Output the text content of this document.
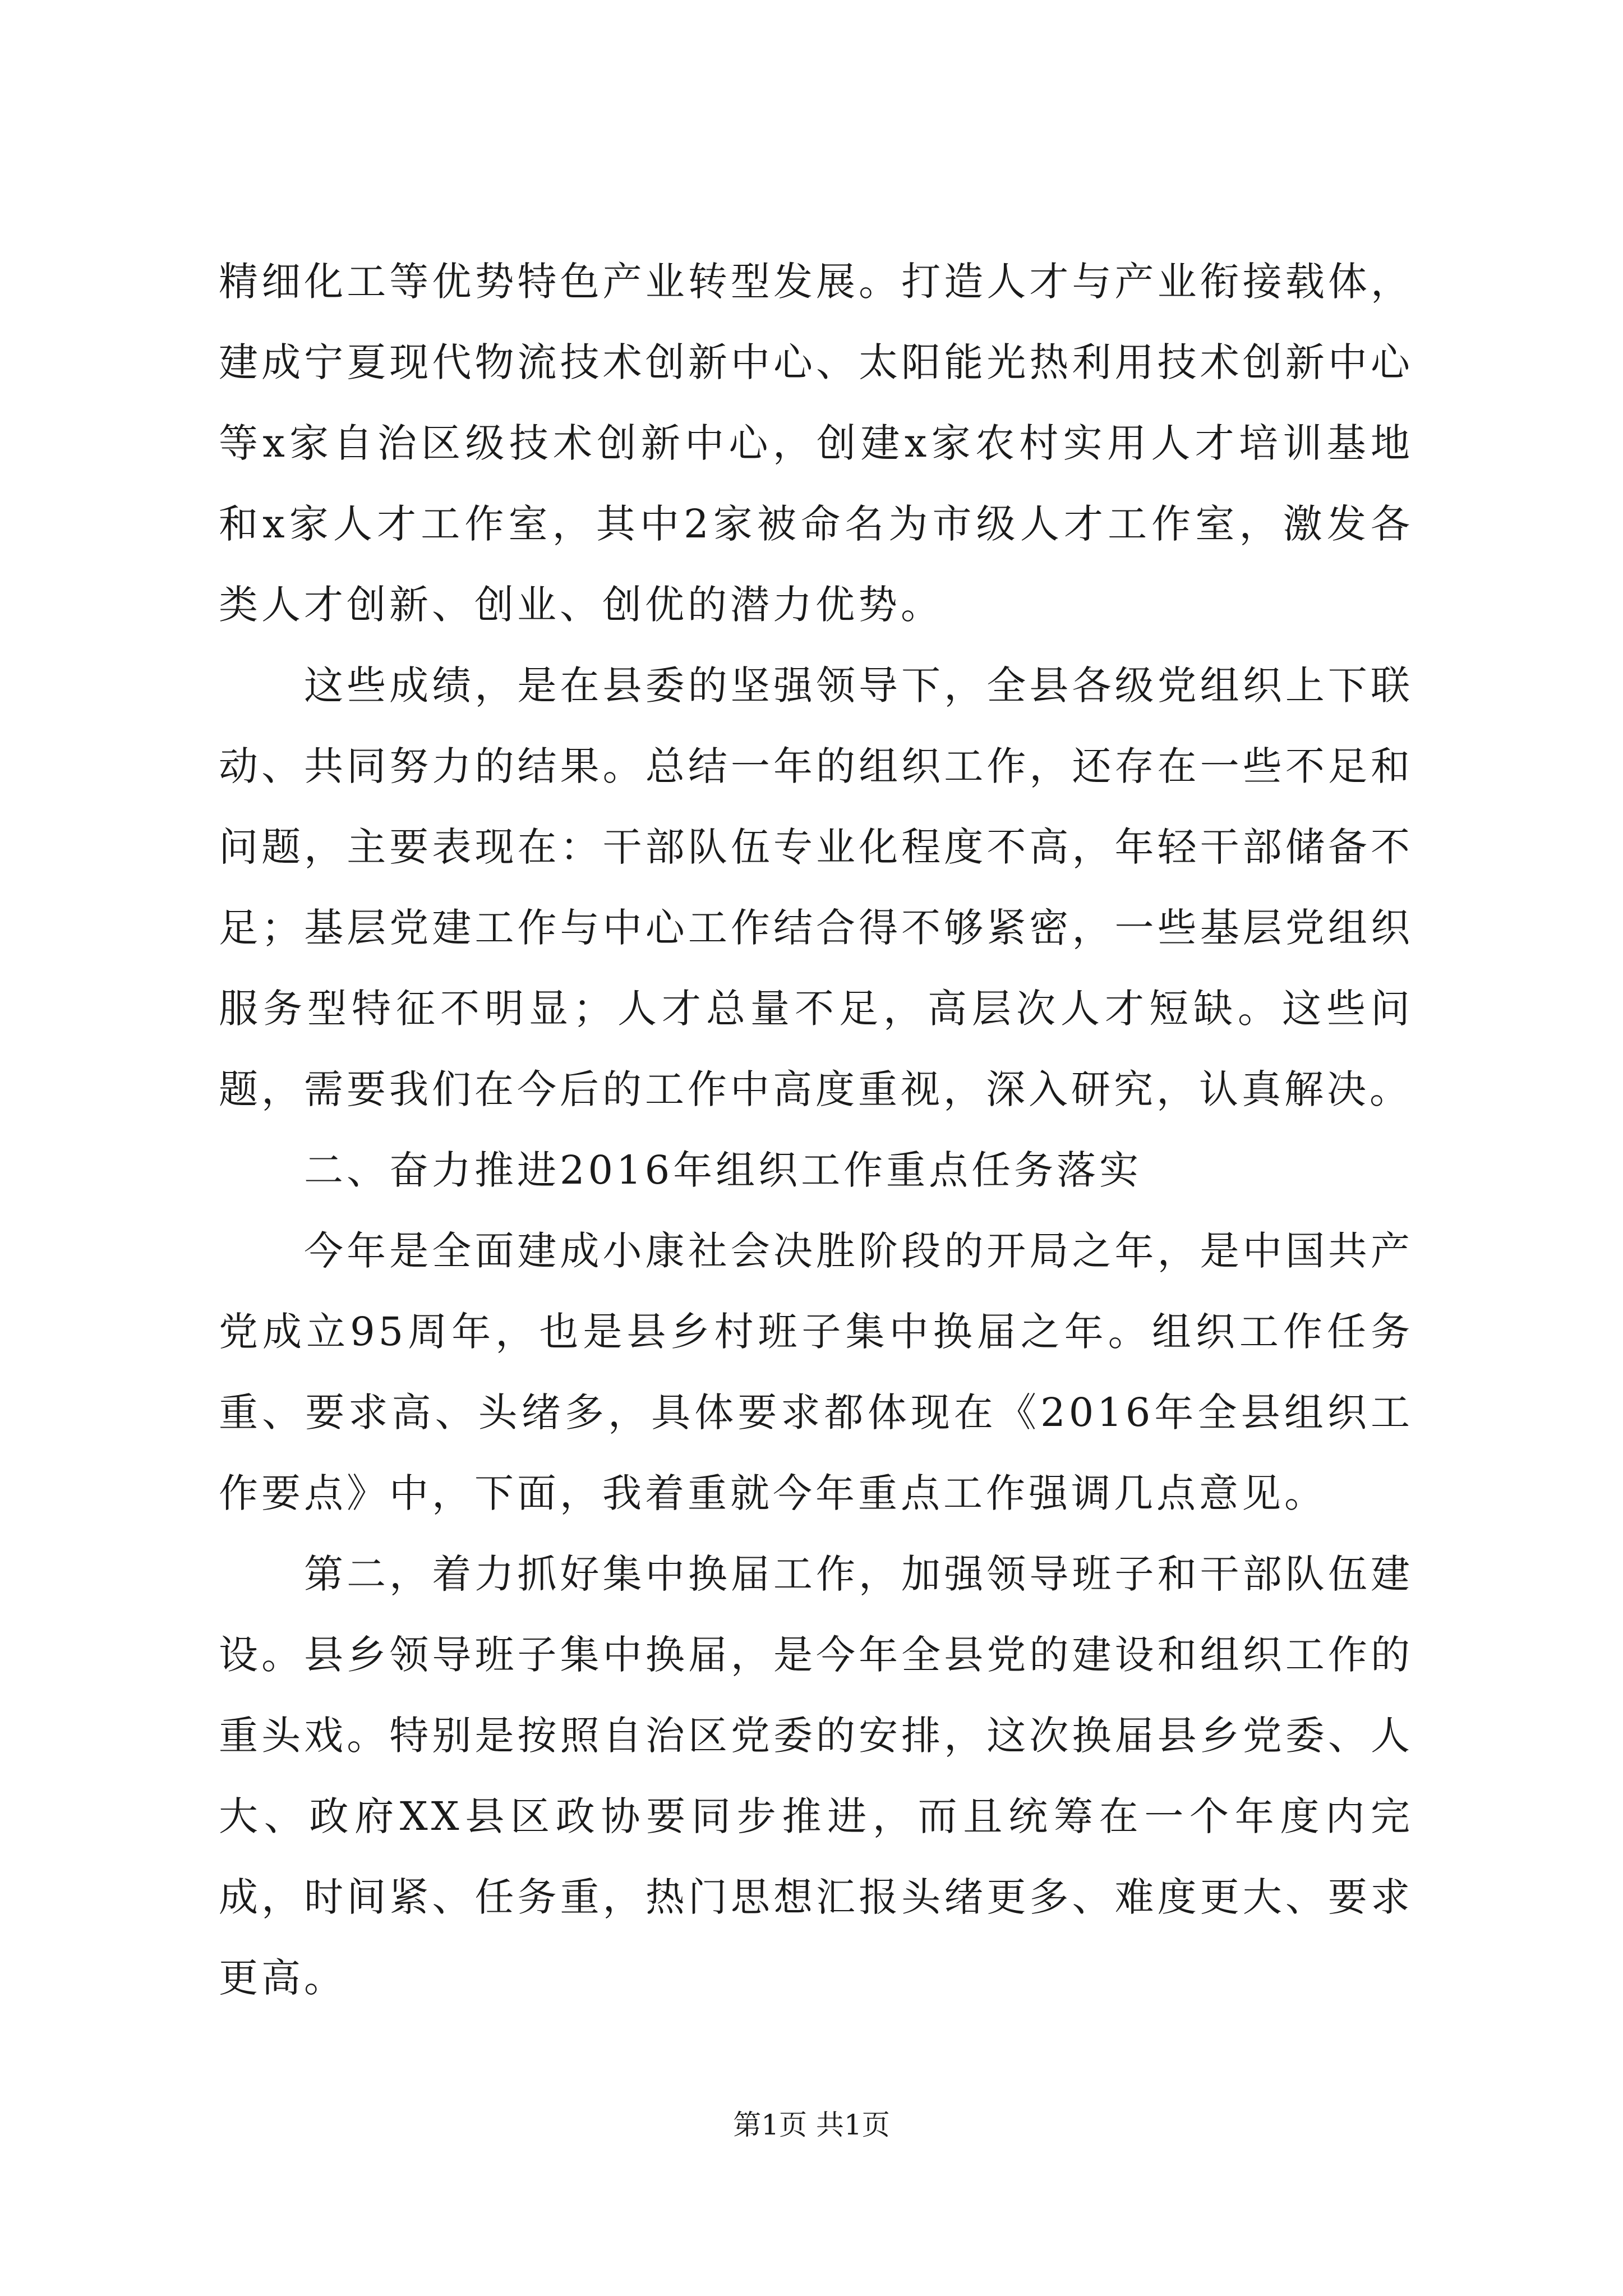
精细化工等优势特色产业转型发展。打造人才与产业衔接载体，建成宁夏现代物流技术创新中心、太阳能光热利用技术创新中心等x家自治区级技术创新中心，创建x家农村实用人才培训基地和x家人才工作室，其中2家被命名为市级人才工作室，激发各类人才创新、创业、创优的潜力优势。

这些成绩，是在县委的坚强领导下，全县各级党组织上下联动、共同努力的结果。总结一年的组织工作，还存在一些不足和问题，主要表现在：干部队伍专业化程度不高，年轻干部储备不足；基层党建工作与中心工作结合得不够紧密，一些基层党组织服务型特征不明显；人才总量不足，高层次人才短缺。这些问题，需要我们在今后的工作中高度重视，深入研究，认真解决。

二、奋力推进2016年组织工作重点任务落实

今年是全面建成小康社会决胜阶段的开局之年，是中国共产党成立95周年，也是县乡村班子集中换届之年。组织工作任务重、要求高、头绪多，具体要求都体现在《2016年全县组织工作要点》中，下面，我着重就今年重点工作强调几点意见。

第二，着力抓好集中换届工作，加强领导班子和干部队伍建设。县乡领导班子集中换届，是今年全县党的建设和组织工作的重头戏。特别是按照自治区党委的安排，这次换届县乡党委、人大、政府XX县区政协要同步推进，而且统筹在一个年度内完成，时间紧、任务重，热门思想汇报头绪更多、难度更大、要求更高。

第1页 共1页
